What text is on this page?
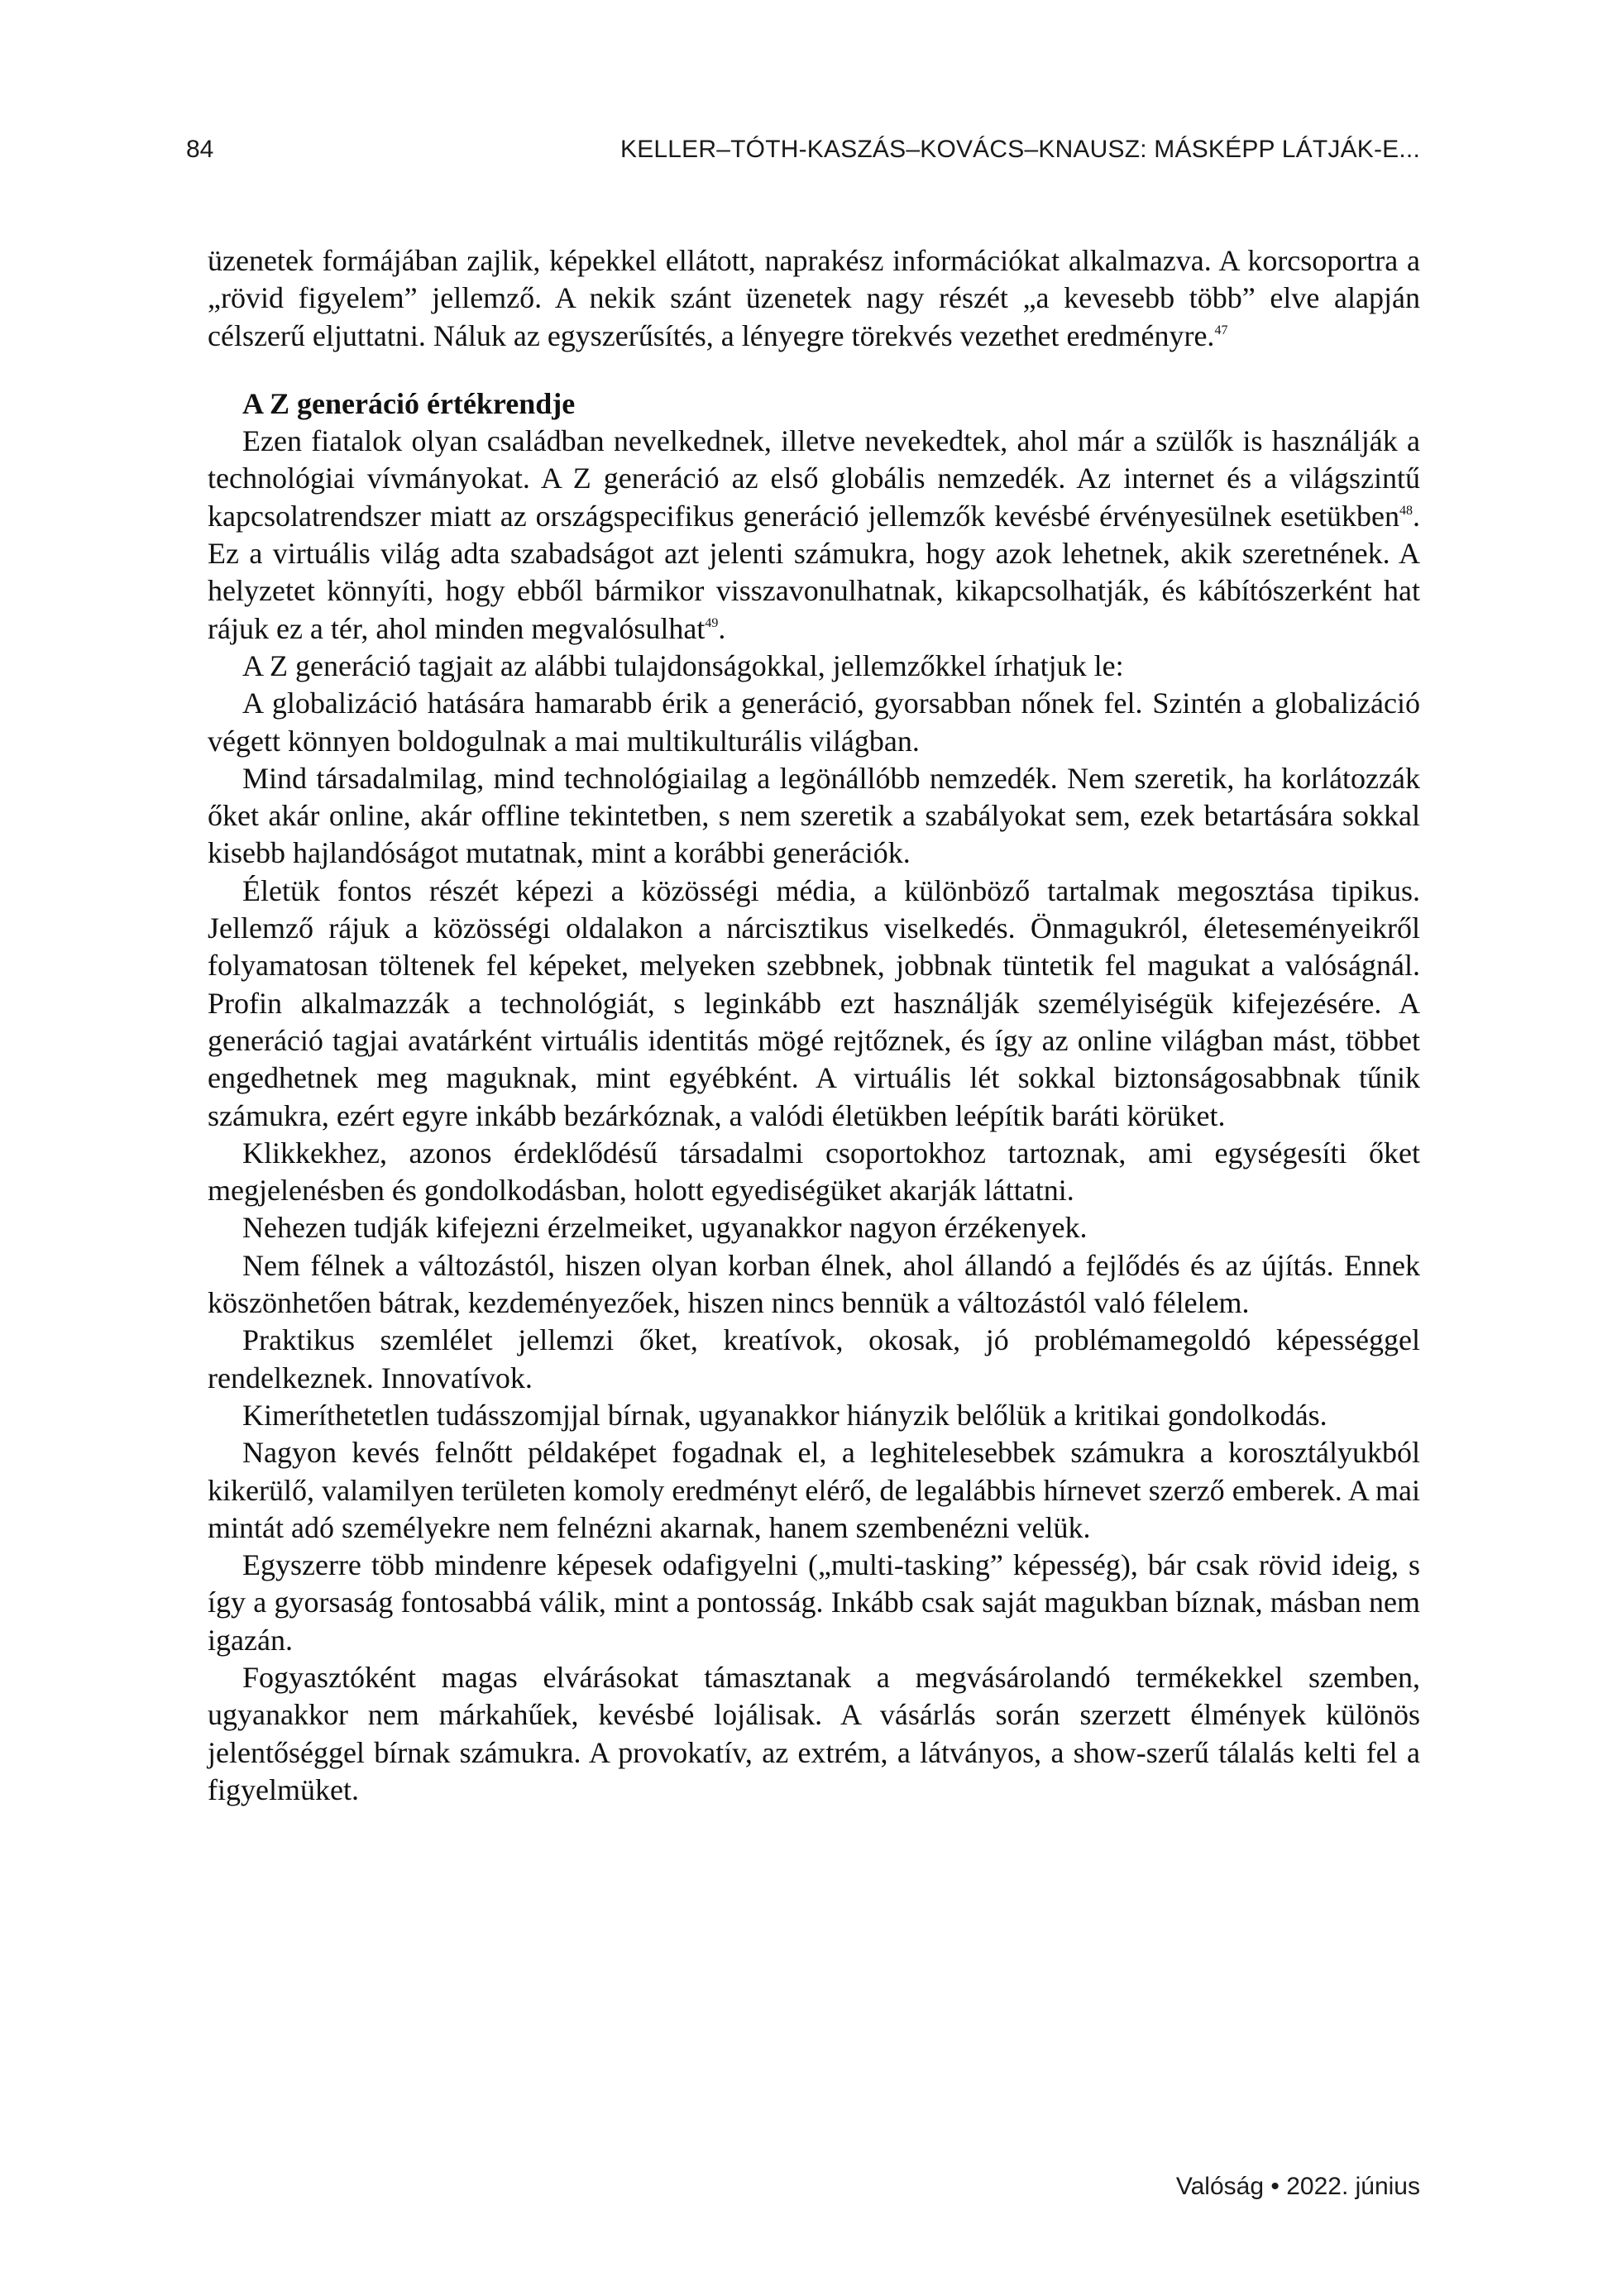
84	KELLER–TÓTH-KASZÁS–KOVÁCS–KNAUSZ: MÁSKÉPP LÁTJÁK-E...

üzenetek formájában zajlik, képekkel ellátott, naprakész információkat alkalmazva. A korcsoportra a „rövid figyelem” jellemző. A nekik szánt üzenetek nagy részét „a kevesebb több” elve alapján célszerű eljuttatni. Náluk az egyszerűsítés, a lényegre törekvés vezethet eredményre.$^{47}$

A Z generáció értékrendje

Ezen fiatalok olyan családban nevelkednek, illetve nevekedtek, ahol már a szülők is használják a technológiai vívmányokat. A Z generáció az első globális nemzedék. Az internet és a világszintű kapcsolatrendszer miatt az országspecifikus generáció jellemzők kevésbé érvényesülnek esetükben$^{48}$. Ez a virtuális világ adta szabadságot azt jelenti számukra, hogy azok lehetnek, akik szeretnének. A helyzetet könnyíti, hogy ebből bármikor visszavonulhatnak, kikapcsolhatják, és kábítószerként hat rájuk ez a tér, ahol minden megvalósulhat$^{49}$.

A Z generáció tagjait az alábbi tulajdonságokkal, jellemzőkkel írhatjuk le:

A globalizáció hatására hamarabb érik a generáció, gyorsabban nőnek fel. Szintén a globalizáció végett könnyen boldogulnak a mai multikulturális világban.

Mind társadalmilag, mind technológiailag a legönállóbb nemzedék. Nem szeretik, ha korlátozzák őket akár online, akár offline tekintetben, s nem szeretik a szabályokat sem, ezek betartására sokkal kisebb hajlandóságot mutatnak, mint a korábbi generációk.

Életük fontos részét képezi a közösségi média, a különböző tartalmak megosztása tipikus. Jellemző rájuk a közösségi oldalakon a nárcisztikus viselkedés. Önmagukról, életeseményeikről folyamatosan töltenek fel képeket, melyeken szebbnek, jobbnak tüntetik fel magukat a valóságnál. Profin alkalmazzák a technológiát, s leginkább ezt használják személyiségük kifejezésére. A generáció tagjai avatárként virtuális identitás mögé rejtőznek, és így az online világban mást, többet engedhetnek meg maguknak, mint egyébként. A virtuális lét sokkal biztonságosabbnak tűnik számukra, ezért egyre inkább bezárkóznak, a valódi életükben leépítik baráti körüket.

Klikkekhez, azonos érdeklődésű társadalmi csoportokhoz tartoznak, ami egységesíti őket megjelenésben és gondolkodásban, holott egyediségüket akarják láttatni.

Nehezen tudják kifejezni érzelmeiket, ugyanakkor nagyon érzékenyek.

Nem félnek a változástól, hiszen olyan korban élnek, ahol állandó a fejlődés és az újítás. Ennek köszönhetően bátrak, kezdeményezőek, hiszen nincs bennük a változástól való félelem.

Praktikus szemlélet jellemzi őket, kreatívok, okosak, jó problémamegoldó képességgel rendelkeznek. Innovatívok.

Kimeríthetetlen tudásszomjjal bírnak, ugyanakkor hiányzik belőlük a kritikai gondolkodás.

Nagyon kevés felnőtt példaképet fogadnak el, a leghitelesebbek számukra a korosztályukból kikerülő, valamilyen területen komoly eredményt elérő, de legalábbis hírnevet szerző emberek. A mai mintát adó személyekre nem felnézni akarnak, hanem szembenézni velük.

Egyszerre több mindenre képesek odafigyelni („multi-tasking” képesség), bár csak rövid ideig, s így a gyorsaság fontosabbá válik, mint a pontosság. Inkább csak saját magukban bíznak, másban nem igazán.

Fogyasztóként magas elvárásokat támasztanak a megvásárolandó termékekkel szemben, ugyanakkor nem márkahűek, kevésbé lojálisak. A vásárlás során szerzett élmények különös jelentőséggel bírnak számukra. A provokatív, az extrém, a látványos, a show-szerű tálalás kelti fel a figyelmüket.

Valóság • 2022. június
